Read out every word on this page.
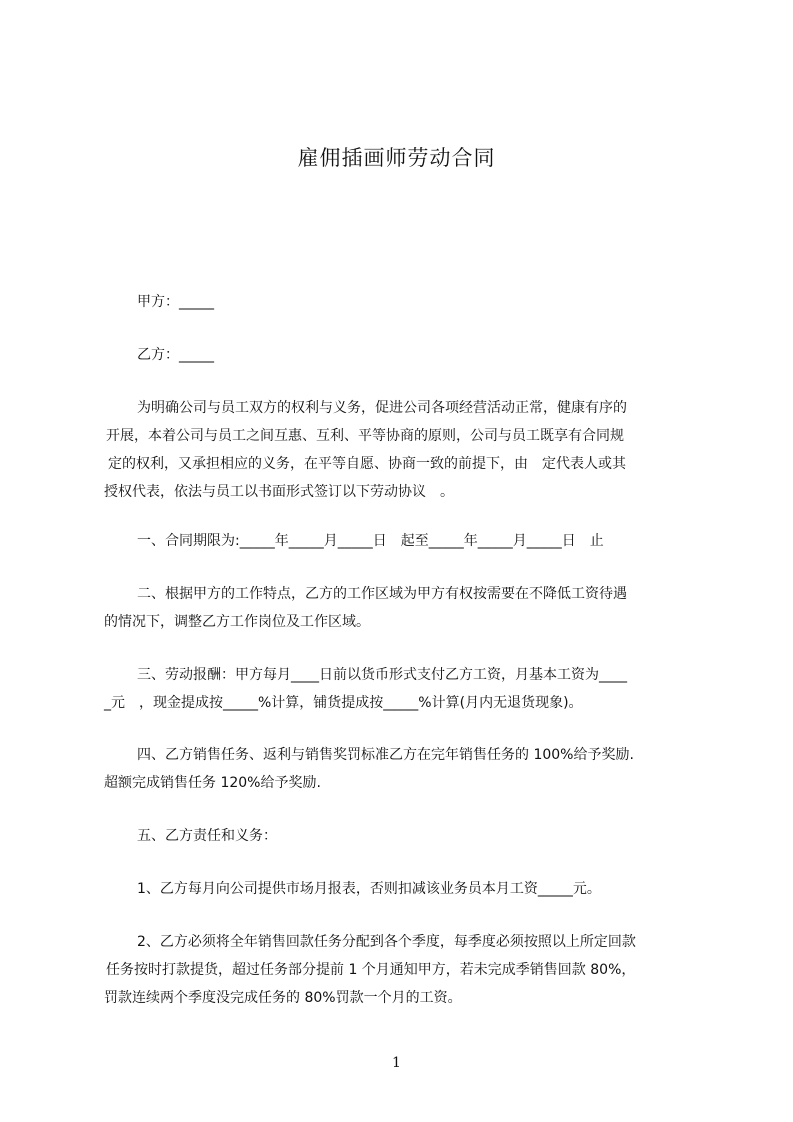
雇佣插画师劳动合同

甲方：_____

乙方：_____

为明确公司与员工双方的权利与义务，促进公司各项经营活动正常，健康有序的

开展，本着公司与员工之间互惠、互利、平等协商的原则，公司与员工既享有合同规

定的权利，又承担相应的义务，在平等自愿、协商一致的前提下，由　定代表人或其

授权代表，依法与员工以书面形式签订以下劳动协议　。

一、合同期限为:_____年_____月_____日　起至_____年_____月_____日　止

二、根据甲方的工作特点，乙方的工作区域为甲方有权按需要在不降低工资待遇

的情况下，调整乙方工作岗位及工作区域。

三、劳动报酬：甲方每月____日前以货币形式支付乙方工资，月基本工资为____

_元　，现金提成按_____%计算，铺货提成按_____%计算(月内无退货现象)。

四、乙方销售任务、返利与销售奖罚标准乙方在完年销售任务的 100%给予奖励.

超额完成销售任务 120%给予奖励.

五、乙方责任和义务：

1、乙方每月向公司提供市场月报表，否则扣减该业务员本月工资_____元。

2、乙方必须将全年销售回款任务分配到各个季度，每季度必须按照以上所定回款

任务按时打款提货，超过任务部分提前 1 个月通知甲方，若未完成季销售回款 80%，

罚款连续两个季度没完成任务的 80%罚款一个月的工资。

1
